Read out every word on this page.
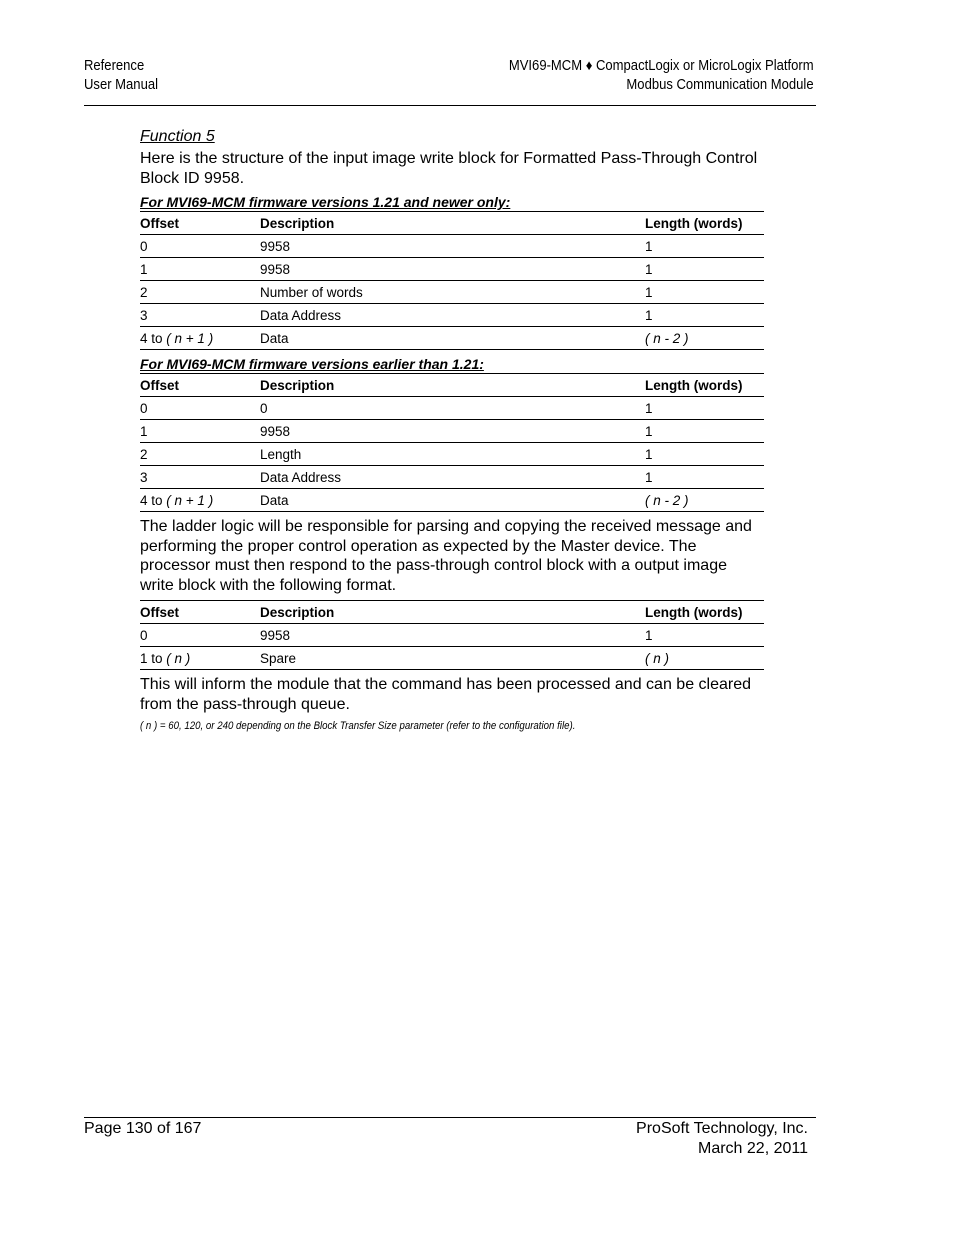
Reference
User Manual
MVI69-MCM ♦ CompactLogix or MicroLogix Platform
Modbus Communication Module
Function 5

Here is the structure of the input image write block for Formatted Pass-Through Control Block ID 9958.

For MVI69-MCM firmware versions 1.21 and newer only:
Offset	Description	Length (words)
0	9958	1
1	9958	1
2	Number of words	1
3	Data Address	1
4 to ( n + 1 )	Data	( n - 2 )
For MVI69-MCM firmware versions earlier than 1.21:
Offset	Description	Length (words)
0	0	1
1	9958	1
2	Length	1
3	Data Address	1
4 to ( n + 1 )	Data	( n - 2 )

The ladder logic will be responsible for parsing and copying the received message and performing the proper control operation as expected by the Master device. The processor must then respond to the pass-through control block with a output image write block with the following format.

Offset	Description	Length (words)
0	9958	1
1 to ( n )	Spare	( n )

This will inform the module that the command has been processed and can be cleared from the pass-through queue.

( n ) = 60, 120, or 240 depending on the Block Transfer Size parameter (refer to the configuration file).
Page 130 of 167	ProSoft Technology, Inc.
March 22, 2011
